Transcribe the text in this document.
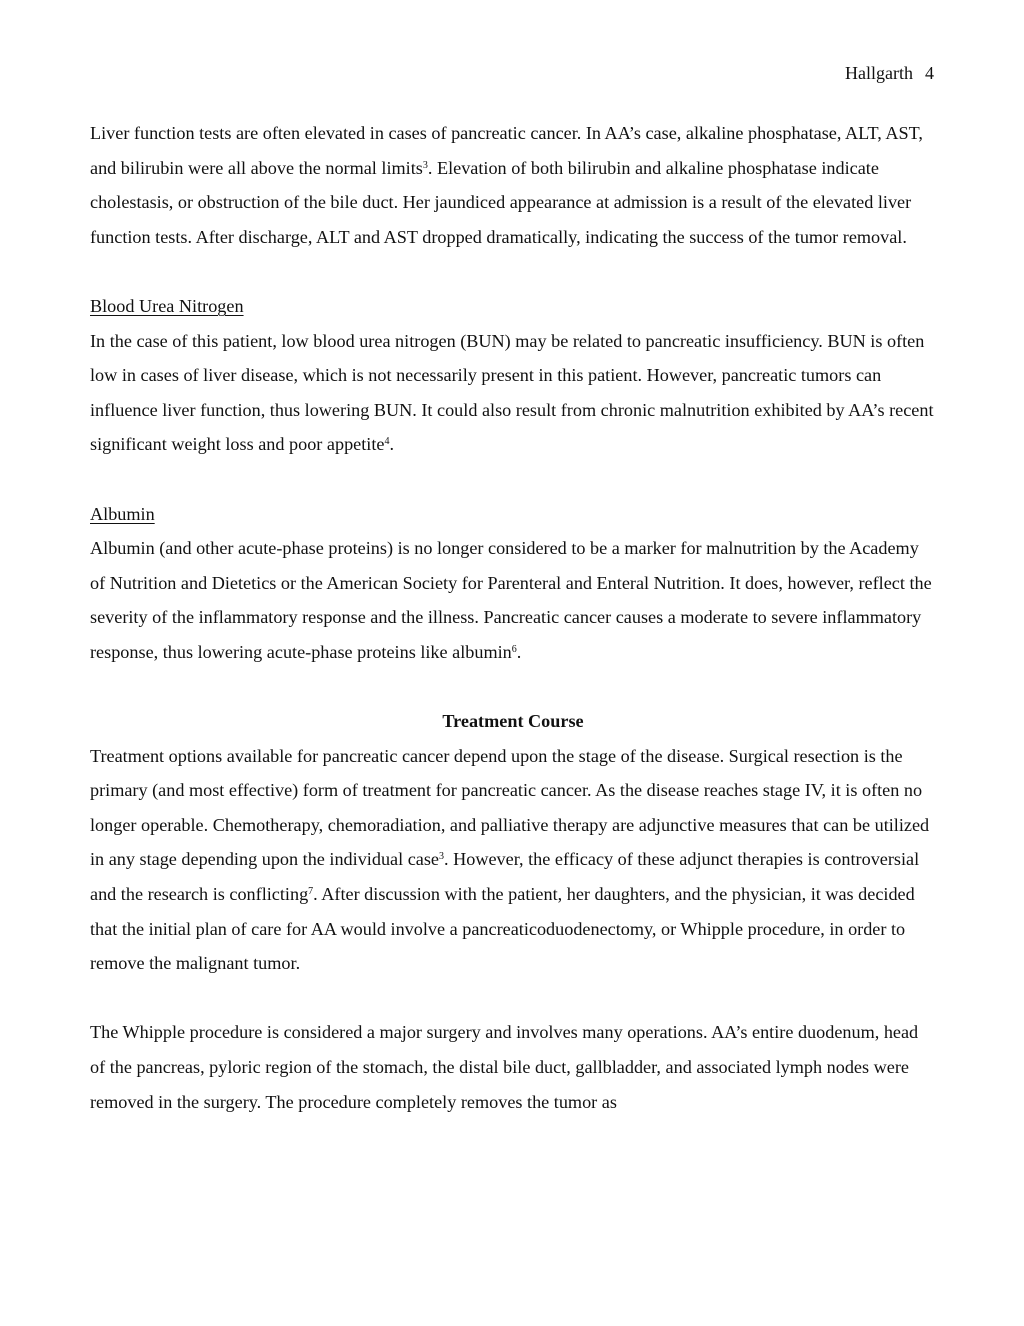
Hallgarth 4

Liver function tests are often elevated in cases of pancreatic cancer. In AA’s case, alkaline phosphatase, ALT, AST, and bilirubin were all above the normal limits$^3$. Elevation of both bilirubin and alkaline phosphatase indicate cholestasis, or obstruction of the bile duct. Her jaundiced appearance at admission is a result of the elevated liver function tests. After discharge, ALT and AST dropped dramatically, indicating the success of the tumor removal.

Blood Urea Nitrogen

In the case of this patient, low blood urea nitrogen (BUN) may be related to pancreatic insufficiency. BUN is often low in cases of liver disease, which is not necessarily present in this patient. However, pancreatic tumors can influence liver function, thus lowering BUN. It could also result from chronic malnutrition exhibited by AA’s recent significant weight loss and poor appetite$^4$.

Albumin

Albumin (and other acute-phase proteins) is no longer considered to be a marker for malnutrition by the Academy of Nutrition and Dietetics or the American Society for Parenteral and Enteral Nutrition. It does, however, reflect the severity of the inflammatory response and the illness. Pancreatic cancer causes a moderate to severe inflammatory response, thus lowering acute-phase proteins like albumin$^6$.

Treatment Course

Treatment options available for pancreatic cancer depend upon the stage of the disease. Surgical resection is the primary (and most effective) form of treatment for pancreatic cancer. As the disease reaches stage IV, it is often no longer operable. Chemotherapy, chemoradiation, and palliative therapy are adjunctive measures that can be utilized in any stage depending upon the individual case$^3$. However, the efficacy of these adjunct therapies is controversial and the research is conflicting$^7$. After discussion with the patient, her daughters, and the physician, it was decided that the initial plan of care for AA would involve a pancreaticoduodenectomy, or Whipple procedure, in order to remove the malignant tumor.

The Whipple procedure is considered a major surgery and involves many operations. AA’s entire duodenum, head of the pancreas, pyloric region of the stomach, the distal bile duct, gallbladder, and associated lymph nodes were removed in the surgery. The procedure completely removes the tumor as
